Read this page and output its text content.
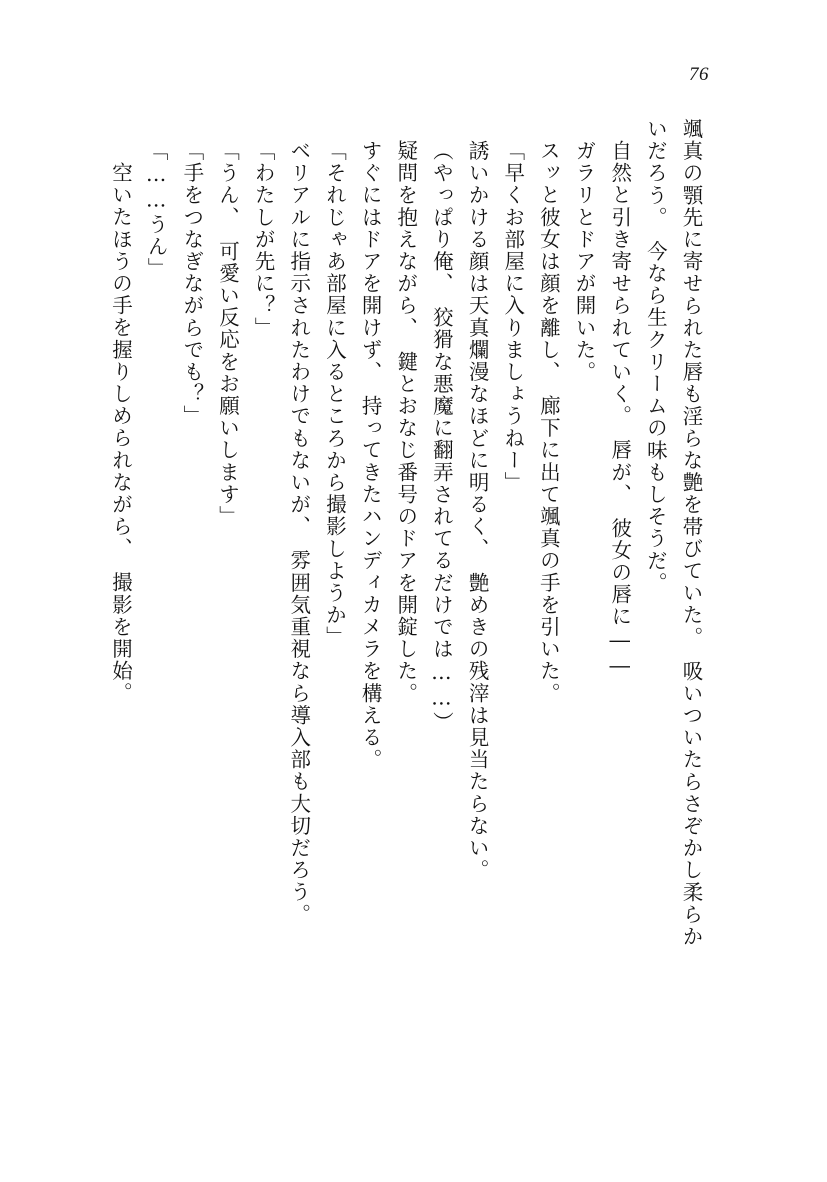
76
颯真の顎先に寄せられた唇も淫らな艶を帯びていた。　吸いついたらさぞかし柔らか
いだろう。　今なら生クリームの味もしそうだ。
自然と引き寄せられていく。　唇が、　彼女の唇に――
ガラリとドアが開いた。
スッと彼女は顔を離し、　廊下に出て颯真の手を引いた。
「早くお部屋に入りましょうねー」
誘いかける顔は天真爛漫なほどに明るく、　艶めきの残滓は見当たらない。
（やっぱり俺、　狡猾な悪魔に翻弄されてるだけでは……）
疑問を抱えながら、　鍵とおなじ番号のドアを開錠した。
すぐにはドアを開けず、　持ってきたハンディカメラを構える。
「それじゃあ部屋に入るところから撮影しようか」
ベリアルに指示されたわけでもないが、　雰囲気重視なら導入部も大切だろう。
「わたしが先に？」
「うん、　可愛い反応をお願いします」
「手をつなぎながらでも？」
「……うん」
空いたほうの手を握りしめられながら、　撮影を開始。
